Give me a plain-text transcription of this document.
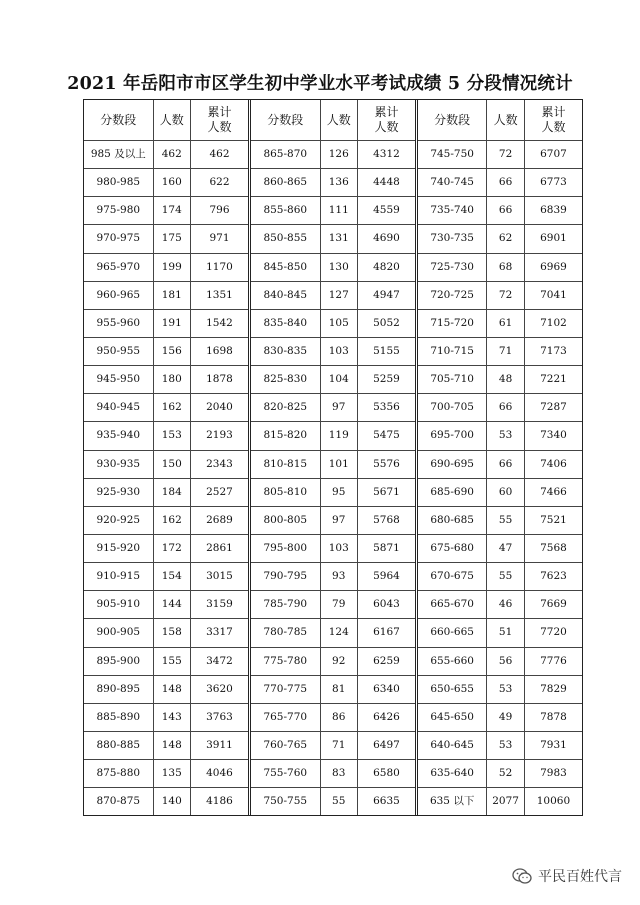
2021 年岳阳市市区学生初中学业水平考试成绩 5 分段情况统计
分数段	人数	累计
人数
985 及以上	462	462
980-985	160	622
975-980	174	796
970-975	175	971
965-970	199	1170
960-965	181	1351
955-960	191	1542
950-955	156	1698
945-950	180	1878
940-945	162	2040
935-940	153	2193
930-935	150	2343
925-930	184	2527
920-925	162	2689
915-920	172	2861
910-915	154	3015
905-910	144	3159
900-905	158	3317
895-900	155	3472
890-895	148	3620
885-890	143	3763
880-885	148	3911
875-880	135	4046
870-875	140	4186
分数段	人数	累计
人数
865-870	126	4312
860-865	136	4448
855-860	111	4559
850-855	131	4690
845-850	130	4820
840-845	127	4947
835-840	105	5052
830-835	103	5155
825-830	104	5259
820-825	97	5356
815-820	119	5475
810-815	101	5576
805-810	95	5671
800-805	97	5768
795-800	103	5871
790-795	93	5964
785-790	79	6043
780-785	124	6167
775-780	92	6259
770-775	81	6340
765-770	86	6426
760-765	71	6497
755-760	83	6580
750-755	55	6635
分数段	人数	累计
人数
745-750	72	6707
740-745	66	6773
735-740	66	6839
730-735	62	6901
725-730	68	6969
720-725	72	7041
715-720	61	7102
710-715	71	7173
705-710	48	7221
700-705	66	7287
695-700	53	7340
690-695	66	7406
685-690	60	7466
680-685	55	7521
675-680	47	7568
670-675	55	7623
665-670	46	7669
660-665	51	7720
655-660	56	7776
650-655	53	7829
645-650	49	7878
640-645	53	7931
635-640	52	7983
635 以下	2077	10060
平民百姓代言
